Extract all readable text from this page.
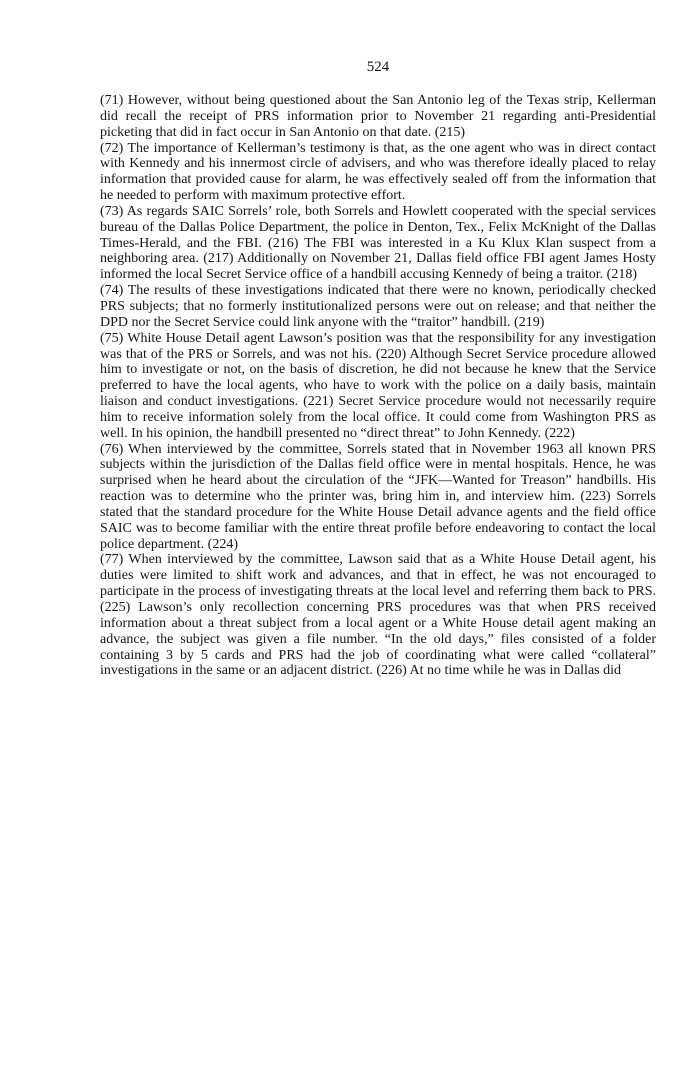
524

(71) However, without being questioned about the San Antonio leg of the Texas strip, Kellerman did recall the receipt of PRS information prior to November 21 regarding anti-Presidential picketing that did in fact occur in San Antonio on that date. (215)

(72) The importance of Kellerman’s testimony is that, as the one agent who was in direct contact with Kennedy and his innermost circle of advisers, and who was therefore ideally placed to relay information that provided cause for alarm, he was effectively sealed off from the information that he needed to perform with maximum protective effort.

(73) As regards SAIC Sorrels’ role, both Sorrels and Howlett cooperated with the special services bureau of the Dallas Police Department, the police in Denton, Tex., Felix McKnight of the Dallas Times-Herald, and the FBI. (216) The FBI was interested in a Ku Klux Klan suspect from a neighboring area. (217) Additionally on November 21, Dallas field office FBI agent James Hosty informed the local Secret Service office of a handbill accusing Kennedy of being a traitor. (218)

(74) The results of these investigations indicated that there were no known, periodically checked PRS subjects; that no formerly institutionalized persons were out on release; and that neither the DPD nor the Secret Service could link anyone with the “traitor” handbill. (219)

(75) White House Detail agent Lawson’s position was that the responsibility for any investigation was that of the PRS or Sorrels, and was not his. (220) Although Secret Service procedure allowed him to investigate or not, on the basis of discretion, he did not because he knew that the Service preferred to have the local agents, who have to work with the police on a daily basis, maintain liaison and conduct investigations. (221) Secret Service procedure would not necessarily require him to receive information solely from the local office. It could come from Washington PRS as well. In his opinion, the handbill presented no “direct threat” to John Kennedy. (222)

(76) When interviewed by the committee, Sorrels stated that in November 1963 all known PRS subjects within the jurisdiction of the Dallas field office were in mental hospitals. Hence, he was surprised when he heard about the circulation of the “JFK—Wanted for Treason” handbills. His reaction was to determine who the printer was, bring him in, and interview him. (223) Sorrels stated that the standard procedure for the White House Detail advance agents and the field office SAIC was to become familiar with the entire threat profile before endeavoring to contact the local police department. (224)

(77) When interviewed by the committee, Lawson said that as a White House Detail agent, his duties were limited to shift work and advances, and that in effect, he was not encouraged to participate in the process of investigating threats at the local level and referring them back to PRS. (225) Lawson’s only recollection concerning PRS procedures was that when PRS received information about a threat subject from a local agent or a White House detail agent making an advance, the subject was given a file number. “In the old days,” files consisted of a folder containing 3 by 5 cards and PRS had the job of coordinating what were called “collateral” investigations in the same or an adjacent district. (226) At no time while he was in Dallas did
